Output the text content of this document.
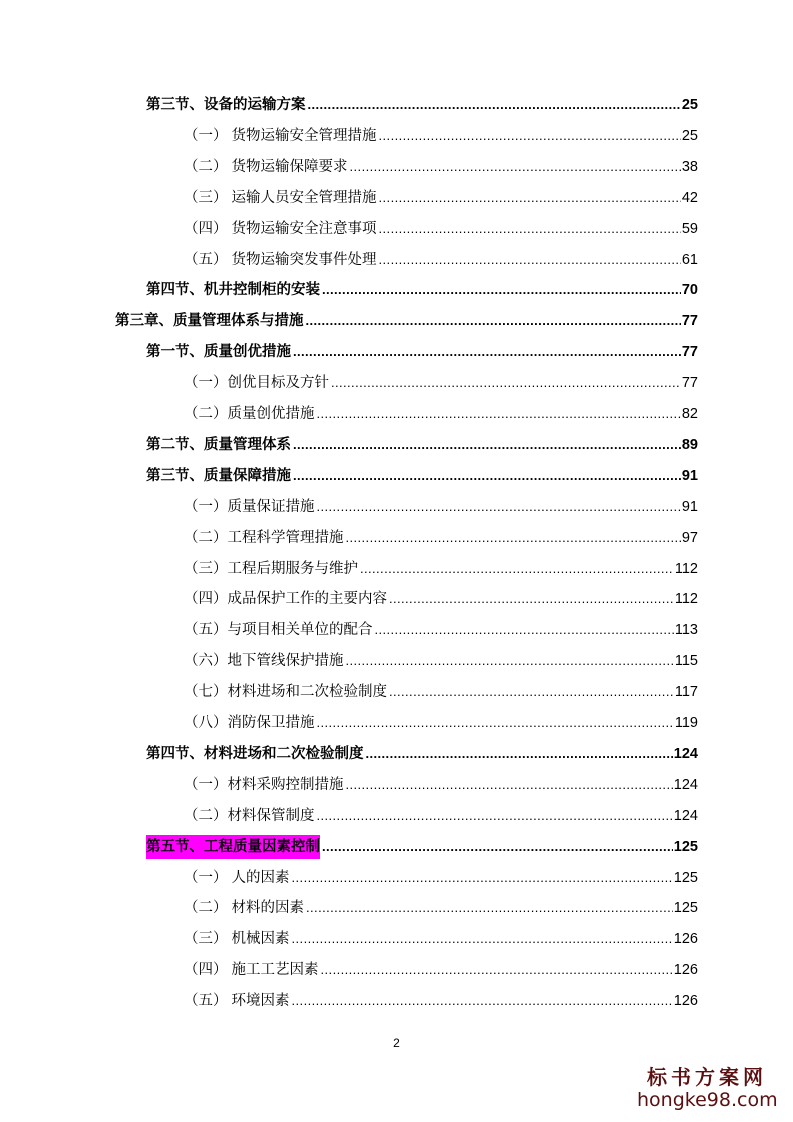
第三节、设备的运输方案 .....	25
（一） 货物运输安全管理措施 .....	25
（二） 货物运输保障要求 .....	38
（三） 运输人员安全管理措施 .....	42
（四） 货物运输安全注意事项 .....	59
（五） 货物运输突发事件处理 .....	61
第四节、机井控制柜的安装 .....	70
第三章、质量管理体系与措施 .....	77
第一节、质量创优措施 .....	77
（一）创优目标及方针 .....	77
（二）质量创优措施 .....	82
第二节、质量管理体系 .....	89
第三节、质量保障措施 .....	91
（一）质量保证措施 .....	91
（二）工程科学管理措施 .....	97
（三）工程后期服务与维护 .....	112
（四）成品保护工作的主要内容 .....	112
（五）与项目相关单位的配合 .....	113
（六）地下管线保护措施 .....	115
（七）材料进场和二次检验制度 .....	117
（八）消防保卫措施 .....	119
第四节、材料进场和二次检验制度 .....	124
（一）材料采购控制措施 .....	124
（二）材料保管制度 .....	124
第五节、工程质量因素控制 .....	125
（一） 人的因素 .....	125
（二） 材料的因素 .....	125
（三） 机械因素 .....	126
（四） 施工工艺因素 .....	126
（五） 环境因素 .....	126
2
标书方案网
hongke98.com
